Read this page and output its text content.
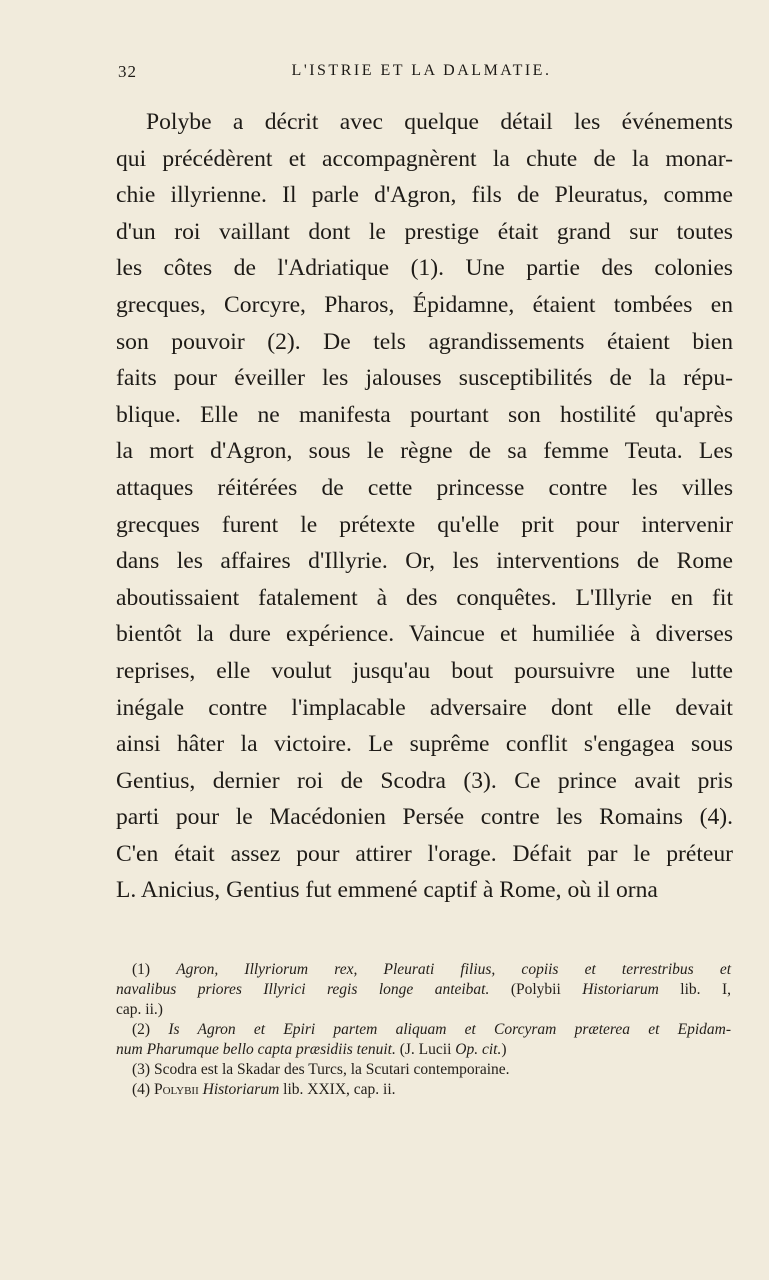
32	L'ISTRIE ET LA DALMATIE.
Polybe a décrit avec quelque détail les événements
qui précédèrent et accompagnèrent la chute de la monar-
chie illyrienne. Il parle d'Agron, fils de Pleuratus, comme
d'un roi vaillant dont le prestige était grand sur toutes
les côtes de l'Adriatique (1). Une partie des colonies
grecques, Corcyre, Pharos, Épidamne, étaient tombées en
son pouvoir (2). De tels agrandissements étaient bien
faits pour éveiller les jalouses susceptibilités de la répu-
blique. Elle ne manifesta pourtant son hostilité qu'après
la mort d'Agron, sous le règne de sa femme Teuta. Les
attaques réitérées de cette princesse contre les villes
grecques furent le prétexte qu'elle prit pour intervenir
dans les affaires d'Illyrie. Or, les interventions de Rome
aboutissaient fatalement à des conquêtes. L'Illyrie en fit
bientôt la dure expérience. Vaincue et humiliée à diverses
reprises, elle voulut jusqu'au bout poursuivre une lutte
inégale contre l'implacable adversaire dont elle devait
ainsi hâter la victoire. Le suprême conflit s'engagea sous
Gentius, dernier roi de Scodra (3). Ce prince avait pris
parti pour le Macédonien Persée contre les Romains (4).
C'en était assez pour attirer l'orage. Défait par le préteur
L. Anicius, Gentius fut emmené captif à Rome, où il orna
(1) Agron, Illyriorum rex, Pleurati filius, copiis et terrestribus et
navalibus priores Illyrici regis longe anteibat. (Polybii Historiarum lib. I,
cap. ii.)
(2) Is Agron et Epiri partem aliquam et Corcyram præterea et Epidam-
num Pharumque bello capta præsidiis tenuit. (J. Lucii Op. cit.)
(3) Scodra est la Skadar des Turcs, la Scutari contemporaine.
(4) Polybii Historiarum lib. XXIX, cap. ii.
